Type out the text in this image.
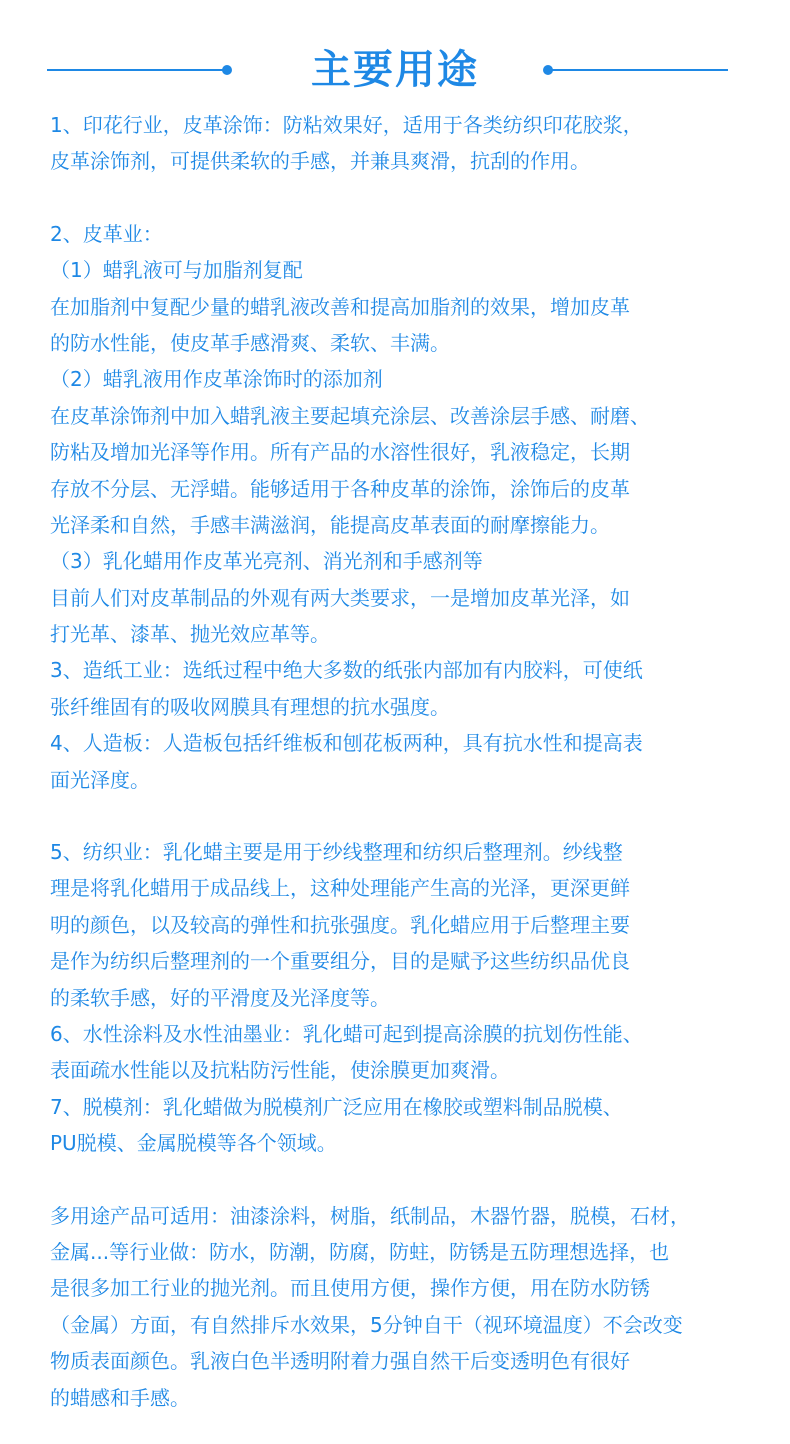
主要用途
1、印花行业，皮革涂饰：防粘效果好，适用于各类纺织印花胶浆，
皮革涂饰剂，可提供柔软的手感，并兼具爽滑，抗刮的作用。
2、皮革业：
（1）蜡乳液可与加脂剂复配
在加脂剂中复配少量的蜡乳液改善和提高加脂剂的效果，增加皮革
的防水性能，使皮革手感滑爽、柔软、丰满。
（2）蜡乳液用作皮革涂饰时的添加剂
在皮革涂饰剂中加入蜡乳液主要起填充涂层、改善涂层手感、耐磨、
防粘及增加光泽等作用。所有产品的水溶性很好，乳液稳定，长期
存放不分层、无浮蜡。能够适用于各种皮革的涂饰，涂饰后的皮革
光泽柔和自然，手感丰满滋润，能提高皮革表面的耐摩擦能力。
（3）乳化蜡用作皮革光亮剂、消光剂和手感剂等
目前人们对皮革制品的外观有两大类要求，一是增加皮革光泽，如
打光革、漆革、抛光效应革等。
3、造纸工业：选纸过程中绝大多数的纸张内部加有内胶料，可使纸
张纤维固有的吸收网膜具有理想的抗水强度。
4、人造板：人造板包括纤维板和刨花板两种，具有抗水性和提高表
面光泽度。
5、纺织业：乳化蜡主要是用于纱线整理和纺织后整理剂。纱线整
理是将乳化蜡用于成品线上，这种处理能产生高的光泽，更深更鲜
明的颜色，以及较高的弹性和抗张强度。乳化蜡应用于后整理主要
是作为纺织后整理剂的一个重要组分，目的是赋予这些纺织品优良
的柔软手感，好的平滑度及光泽度等。
6、水性涂料及水性油墨业：乳化蜡可起到提高涂膜的抗划伤性能、
表面疏水性能以及抗粘防污性能，使涂膜更加爽滑。
7、脱模剂：乳化蜡做为脱模剂广泛应用在橡胶或塑料制品脱模、
PU脱模、金属脱模等各个领域。
多用途产品可适用：油漆涂料，树脂，纸制品，木器竹器，脱模，石材，
金属...等行业做：防水，防潮，防腐，防蛀，防锈是五防理想选择，也
是很多加工行业的抛光剂。而且使用方便，操作方便，用在防水防锈
（金属）方面，有自然排斥水效果，5分钟自干（视环境温度）不会改变
物质表面颜色。乳液白色半透明附着力强自然干后变透明色有很好
的蜡感和手感。
